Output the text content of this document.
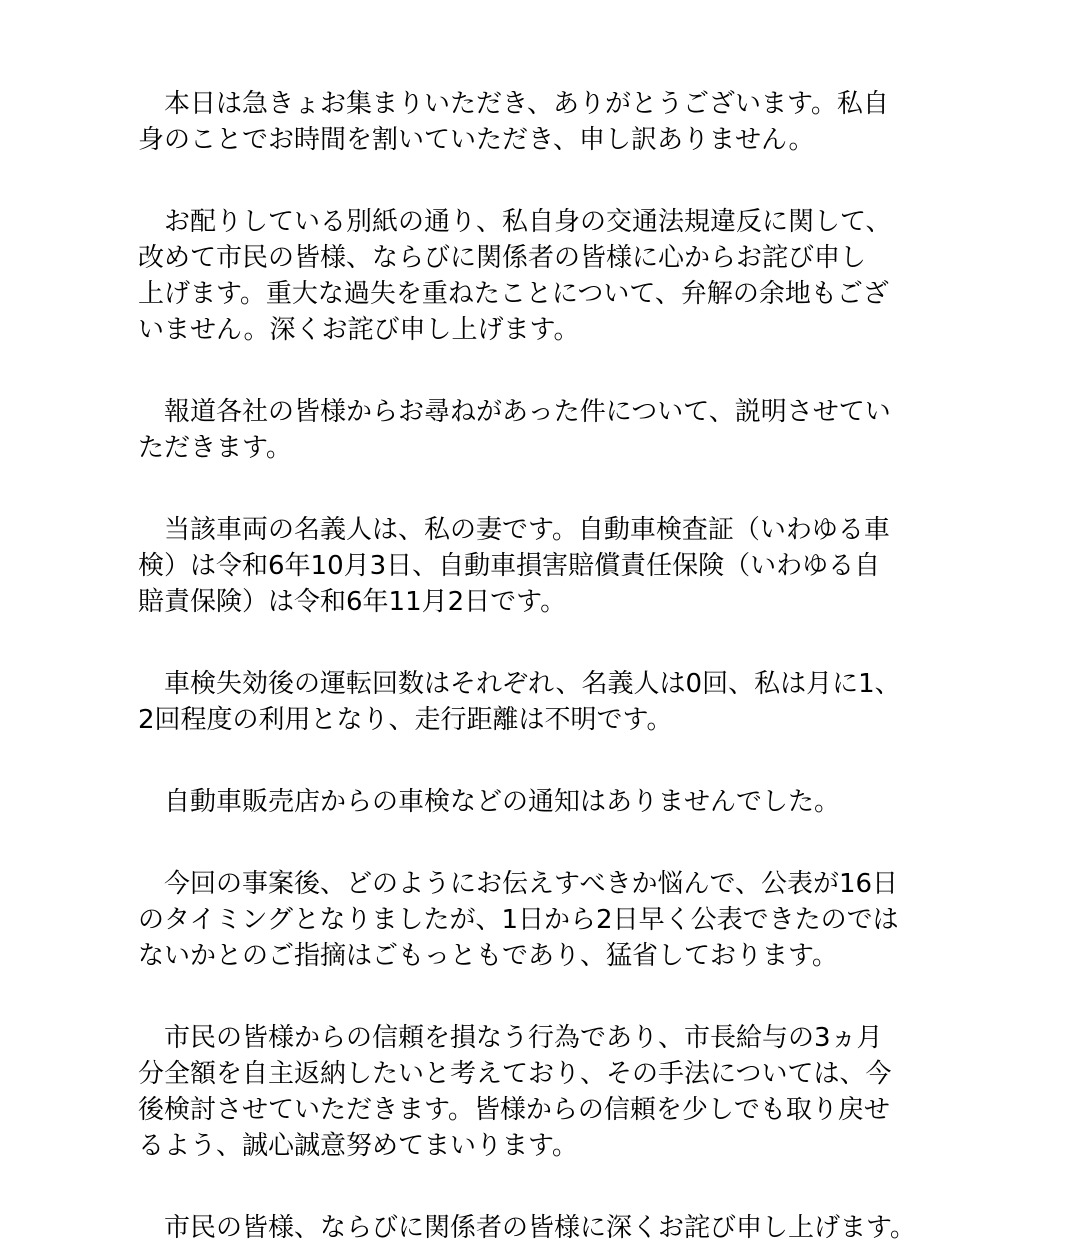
　本日は急きょお集まりいただき、ありがとうございます。私自
身のことでお時間を割いていただき、申し訳ありません。

　お配りしている別紙の通り、私自身の交通法規違反に関して、
改めて市民の皆様、ならびに関係者の皆様に心からお詫び申し
上げます。重大な過失を重ねたことについて、弁解の余地もござ
いません。深くお詫び申し上げます。

　報道各社の皆様からお尋ねがあった件について、説明させてい
ただきます。

　当該車両の名義人は、私の妻です。自動車検査証（いわゆる車
検）は令和6年10月3日、自動車損害賠償責任保険（いわゆる自
賠責保険）は令和6年11月2日です。

　車検失効後の運転回数はそれぞれ、名義人は0回、私は月に1、
2回程度の利用となり、走行距離は不明です。

　自動車販売店からの車検などの通知はありませんでした。

　今回の事案後、どのようにお伝えすべきか悩んで、公表が16日
のタイミングとなりましたが、1日から2日早く公表できたのでは
ないかとのご指摘はごもっともであり、猛省しております。

　市民の皆様からの信頼を損なう行為であり、市長給与の3ヵ月
分全額を自主返納したいと考えており、その手法については、今
後検討させていただきます。皆様からの信頼を少しでも取り戻せ
るよう、誠心誠意努めてまいります。

　市民の皆様、ならびに関係者の皆様に深くお詫び申し上げます。
